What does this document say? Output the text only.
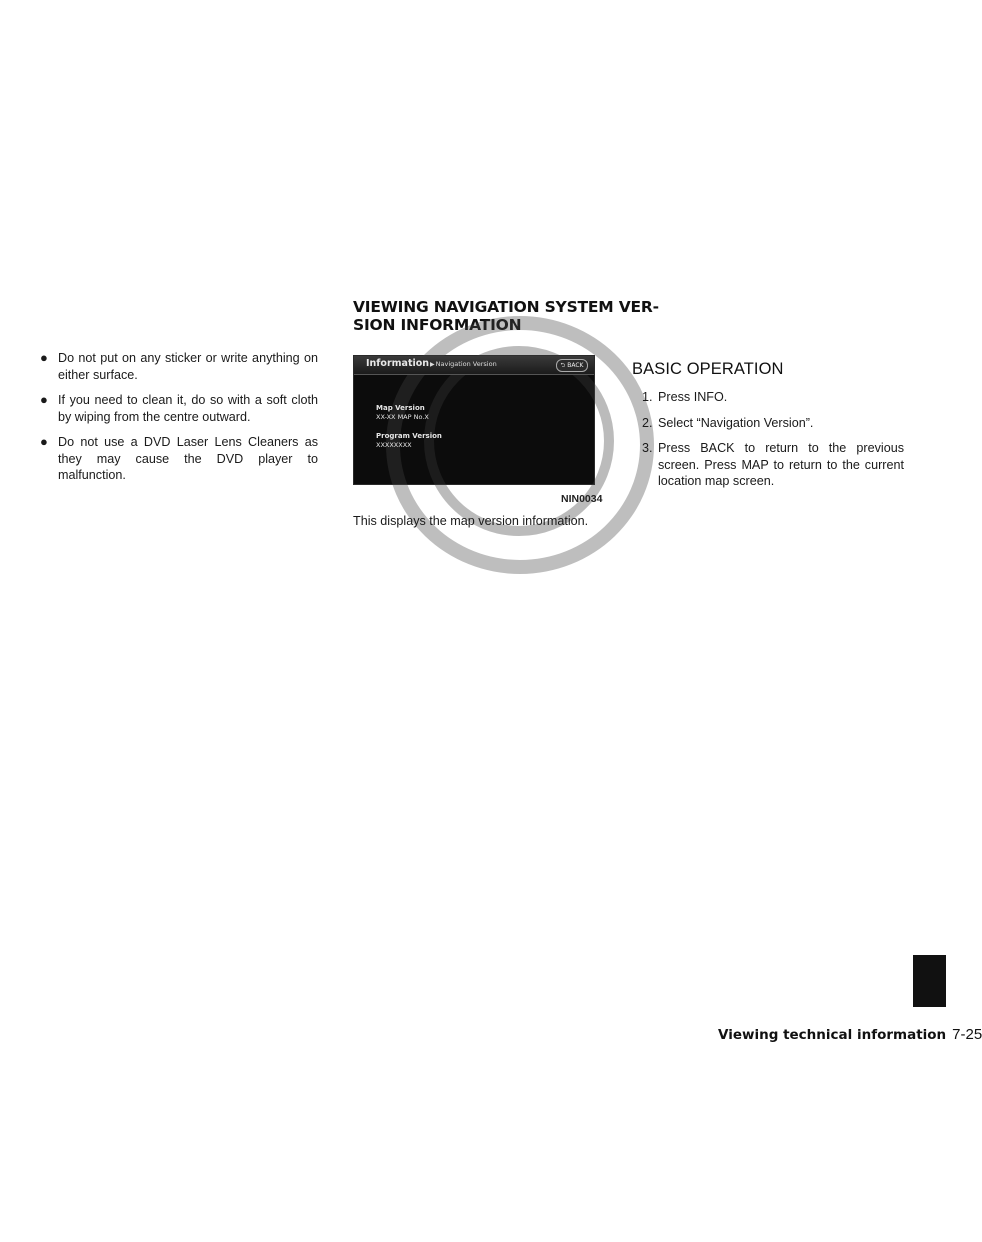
VIEWING NAVIGATION SYSTEM VER-
SION INFORMATION
● Do not put on any sticker or write anything on either surface.
● If you need to clean it, do so with a soft cloth by wiping from the centre outward.
● Do not use a DVD Laser Lens Cleaners as they may cause the DVD player to malfunction.
Information▶Navigation Version	⮌ BACK
Map Version
XX-XX MAP No.X
Program Version
XXXXXXXX
NIN0034
This displays the map version information.
BASIC OPERATION
1. Press INFO.
2. Select “Navigation Version”.
3. Press BACK to return to the previous screen. Press MAP to return to the current location map screen.
Viewing technical information 7-25
